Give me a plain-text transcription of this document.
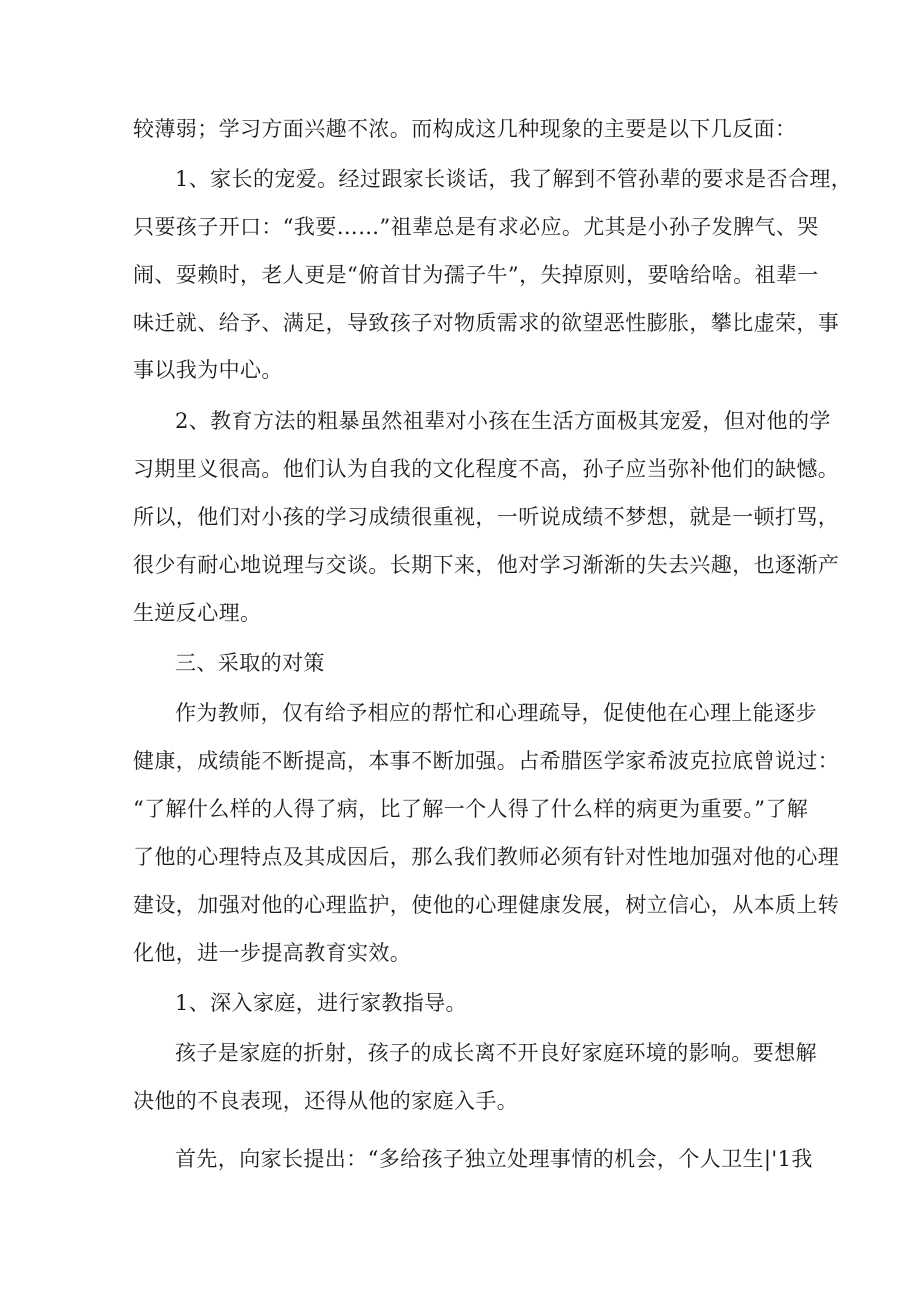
较薄弱；学习方面兴趣不浓。而构成这几种现象的主要是以下几反面：
1、家长的宠爱。经过跟家长谈话，我了解到不管孙辈的要求是否合理，
只要孩子开口：“我要……”祖辈总是有求必应。尤其是小孙子发脾气、哭
闹、耍赖时，老人更是“俯首甘为孺子牛”，失掉原则，要啥给啥。祖辈一
味迁就、给予、满足，导致孩子对物质需求的欲望恶性膨胀，攀比虚荣，事
事以我为中心。
2、教育方法的粗暴虽然祖辈对小孩在生活方面极其宠爱，但对他的学
习期里义很高。他们认为自我的文化程度不高，孙子应当弥补他们的缺憾。
所以，他们对小孩的学习成绩很重视，一听说成绩不梦想，就是一顿打骂，
很少有耐心地说理与交谈。长期下来，他对学习渐渐的失去兴趣，也逐渐产
生逆反心理。
三、采取的对策
作为教师，仅有给予相应的帮忙和心理疏导，促使他在心理上能逐步
健康，成绩能不断提高，本事不断加强。占希腊医学家希波克拉底曾说过：
“了解什么样的人得了病，比了解一个人得了什么样的病更为重要。”了解
了他的心理特点及其成因后，那么我们教师必须有针对性地加强对他的心理
建设，加强对他的心理监护，使他的心理健康发展，树立信心，从本质上转
化他，进一步提高教育实效。
1、深入家庭，进行家教指导。
孩子是家庭的折射，孩子的成长离不开良好家庭环境的影响。要想解
决他的不良表现，还得从他的家庭入手。
首先，向家长提出：“多给孩子独立处理事情的机会，个人卫生|'1我
